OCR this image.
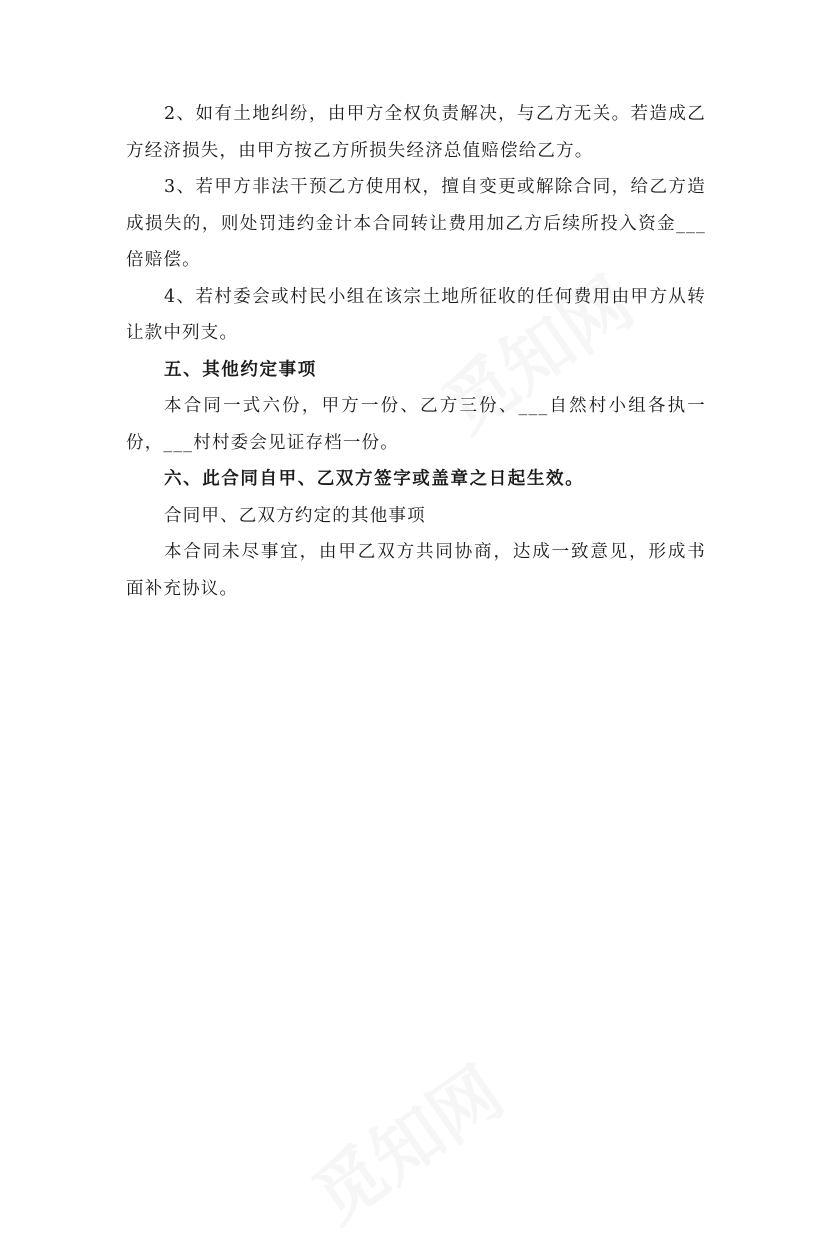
2、如有土地纠纷，由甲方全权负责解决，与乙方无关。若造成乙方经济损失，由甲方按乙方所损失经济总值赔偿给乙方。

3、若甲方非法干预乙方使用权，擅自变更或解除合同，给乙方造成损失的，则处罚违约金计本合同转让费用加乙方后续所投入资金___倍赔偿。

4、若村委会或村民小组在该宗土地所征收的任何费用由甲方从转让款中列支。

五、其他约定事项

本合同一式六份，甲方一份、乙方三份、___自然村小组各执一份，___村村委会见证存档一份。

六、此合同自甲、乙双方签字或盖章之日起生效。

合同甲、乙双方约定的其他事项

本合同未尽事宜，由甲乙双方共同协商，达成一致意见，形成书面补充协议。
